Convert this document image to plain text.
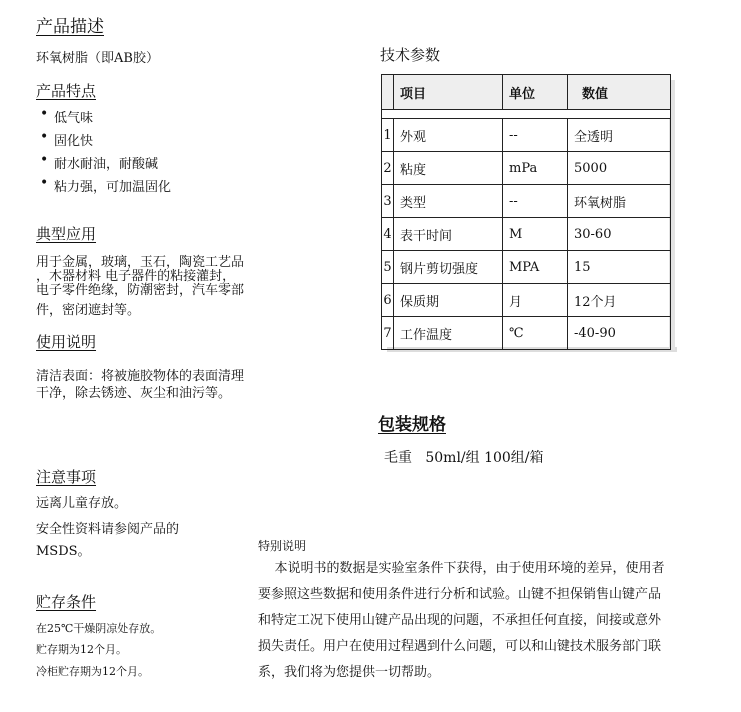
产品描述
环氧树脂（即AB胶）
产品特点
• 低气味
• 固化快
• 耐水耐油，耐酸碱
• 粘力强，可加温固化
典型应用
用于金属，玻璃，玉石，陶瓷工艺品
，木器材料 电子器件的粘接灌封，
电子零件绝缘，防潮密封，汽车零部
件，密闭遮封等。
使用说明
清洁表面：将被施胶物体的表面清理
干净，除去锈迹、灰尘和油污等。
注意事项
远离儿童存放。
安全性资料请参阅产品的
MSDS。
贮存条件
在25℃干燥阴凉处存放。
贮存期为12个月。
冷柜贮存期为12个月。
技术参数
	项目	单位	数值

1	外观	--	全透明
2	粘度	mPa	5000
3	类型	--	环氧树脂
4	表干时间	M	30-60
5	钢片剪切强度	MPA	15
6	保质期	月	12个月
7	工作温度	℃	-40-90
包装规格
毛重   50ml/组 100组/箱
特别说明

本说明书的数据是实验室条件下获得，由于使用环境的差异，使用者

要参照这些数据和使用条件进行分析和试验。山键不担保销售山键产品

和特定工况下使用山键产品出现的问题，不承担任何直接，间接或意外

损失责任。用户在使用过程遇到什么问题，可以和山键技术服务部门联

系，我们将为您提供一切帮助。
